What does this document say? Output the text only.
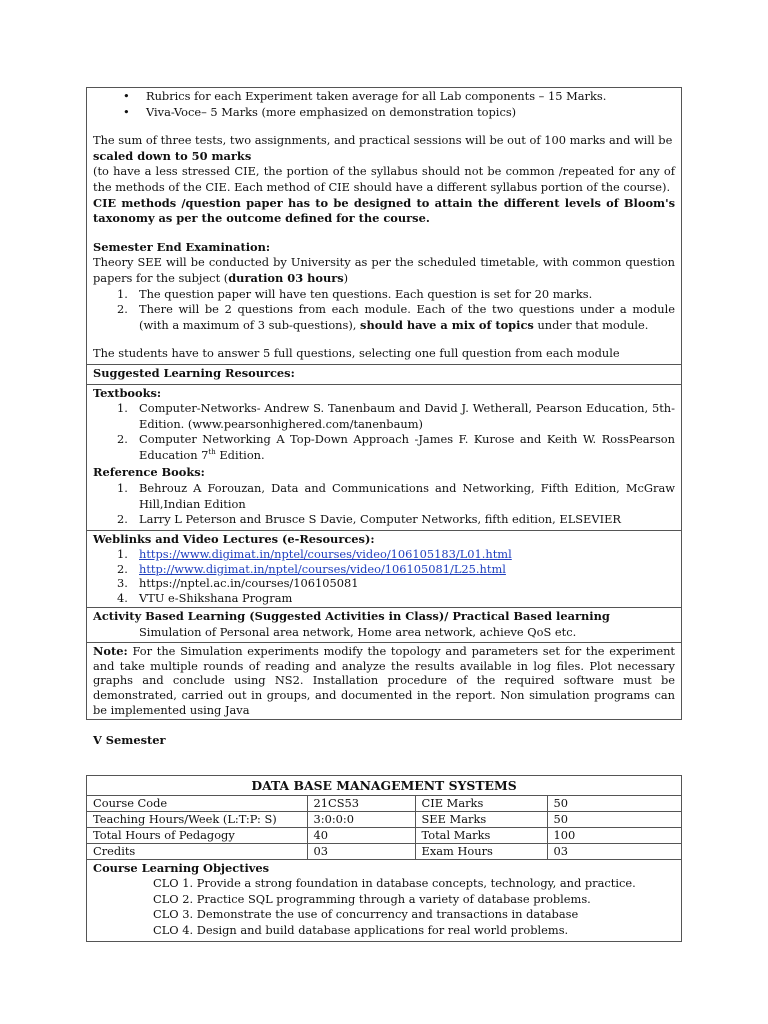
• Rubrics for each Experiment taken average for all Lab components – 15 Marks.
• Viva-Voce– 5 Marks (more emphasized on demonstration topics)
The sum of three tests, two assignments, and practical sessions will be out of 100 marks and will be
scaled down to 50 marks
(to have a less stressed CIE, the portion of the syllabus should not be common /repeated for any of the methods of the CIE. Each method of CIE should have a different syllabus portion of the course).
CIE methods /question paper has to be designed to attain the different levels of Bloom's taxonomy as per the outcome defined for the course.
Semester End Examination:
Theory SEE will be conducted by University as per the scheduled timetable, with common question papers for the subject (duration 03 hours)
1. The question paper will have ten questions. Each question is set for 20 marks.
2. There will be 2 questions from each module. Each of the two questions under a module (with a maximum of 3 sub-questions), should have a mix of topics under that module.
The students have to answer 5 full questions, selecting one full question from each module
Suggested Learning Resources:
Textbooks:
1. Computer-Networks- Andrew S. Tanenbaum and David J. Wetherall, Pearson Education, 5th-Edition. (www.pearsonhighered.com/tanenbaum)
2. Computer Networking A Top-Down Approach -James F. Kurose and Keith W. RossPearson Education 7th Edition.
Reference Books:
1. Behrouz A Forouzan, Data and Communications and Networking, Fifth Edition, McGraw Hill,Indian Edition
2. Larry L Peterson and Brusce S Davie, Computer Networks, fifth edition, ELSEVIER
Weblinks and Video Lectures (e-Resources):
1. https://www.digimat.in/nptel/courses/video/106105183/L01.html
2. http://www.digimat.in/nptel/courses/video/106105081/L25.html
3. https://nptel.ac.in/courses/106105081
4. VTU e-Shikshana Program
Activity Based Learning (Suggested Activities in Class)/ Practical Based learning
Simulation of Personal area network, Home area network, achieve QoS etc.
Note: For the Simulation experiments modify the topology and parameters set for the experiment and take multiple rounds of reading and analyze the results available in log files. Plot necessary graphs and conclude using NS2. Installation procedure of the required software must be demonstrated, carried out in groups, and documented in the report. Non simulation programs can be implemented using Java
V Semester
DATA BASE MANAGEMENT SYSTEMS
Course Code	21CS53	CIE Marks	50
Teaching Hours/Week (L:T:P: S)	3:0:0:0	SEE Marks	50
Total Hours of Pedagogy	40	Total Marks	100
Credits	03	Exam Hours	03
Course Learning Objectives
CLO 1. Provide a strong foundation in database concepts, technology, and practice.
CLO 2. Practice SQL programming through a variety of database problems.
CLO 3. Demonstrate the use of concurrency and transactions in database
CLO 4. Design and build database applications for real world problems.
